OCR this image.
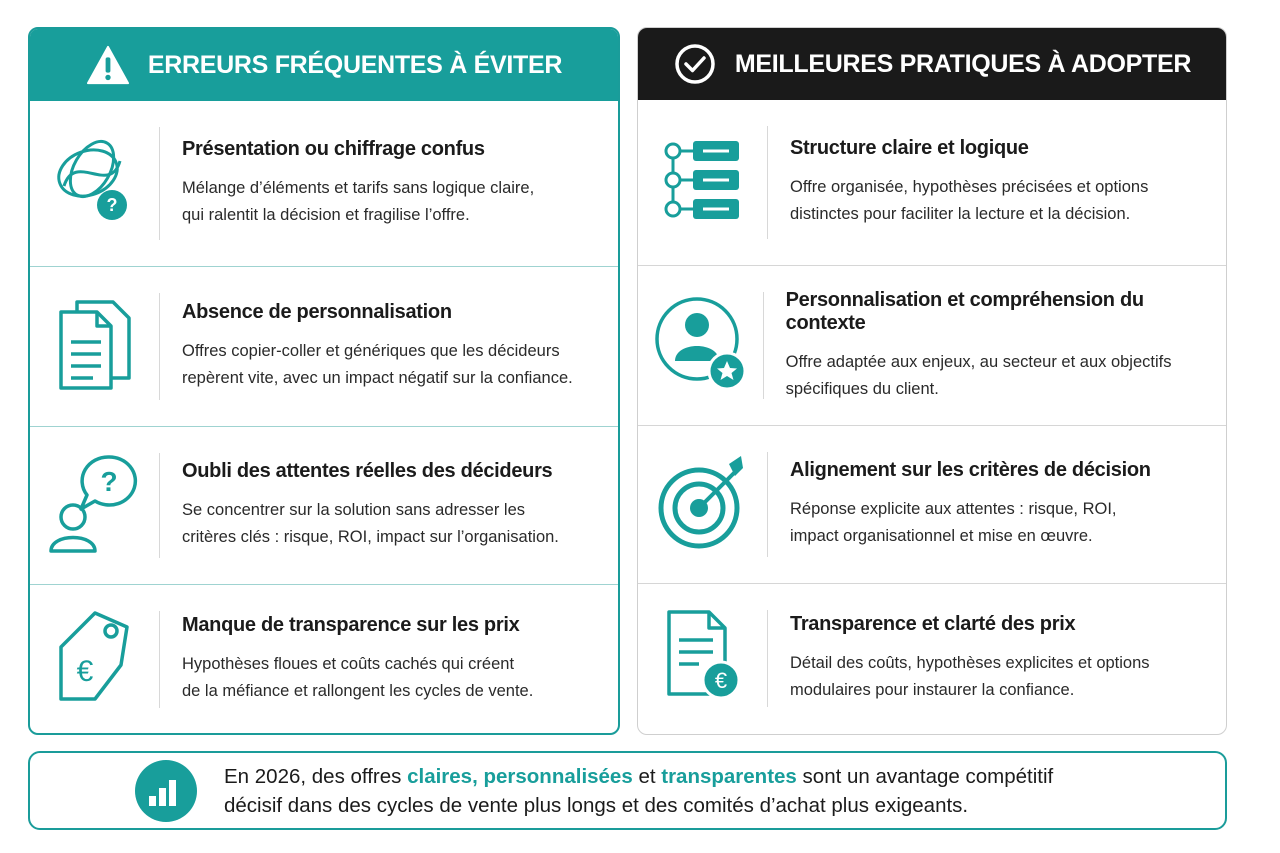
ERREURS FRÉQUENTES À ÉVITER
?
Présentation ou chiffrage confus
Mélange d’éléments et tarifs sans logique claire,
qui ralentit la décision et fragilise l’offre.
Absence de personnalisation
Offres copier-coller et génériques que les décideurs
repèrent vite, avec un impact négatif sur la confiance.
?	Oubli des attentes réelles des décideurs
Se concentrer sur la solution sans adresser les
critères clés : risque, ROI, impact sur l’organisation.
€
Manque de transparence sur les prix
Hypothèses floues et coûts cachés qui créent
de la méfiance et rallongent les cycles de vente.
MEILLEURES PRATIQUES À ADOPTER
Structure claire et logique
Offre organisée, hypothèses précisées et options
distinctes pour faciliter la lecture et la décision.
Personnalisation et compréhension du contexte
Offre adaptée aux enjeux, au secteur et aux objectifs
spécifiques du client.
Alignement sur les critères de décision
Réponse explicite aux attentes : risque, ROI,
impact organisationnel et mise en œuvre.
€
Transparence et clarté des prix
Détail des coûts, hypothèses explicites et options
modulaires pour instaurer la confiance.
En 2026, des offres claires, personnalisées et transparentes sont un avantage compétitif
décisif dans des cycles de vente plus longs et des comités d’achat plus exigeants.
